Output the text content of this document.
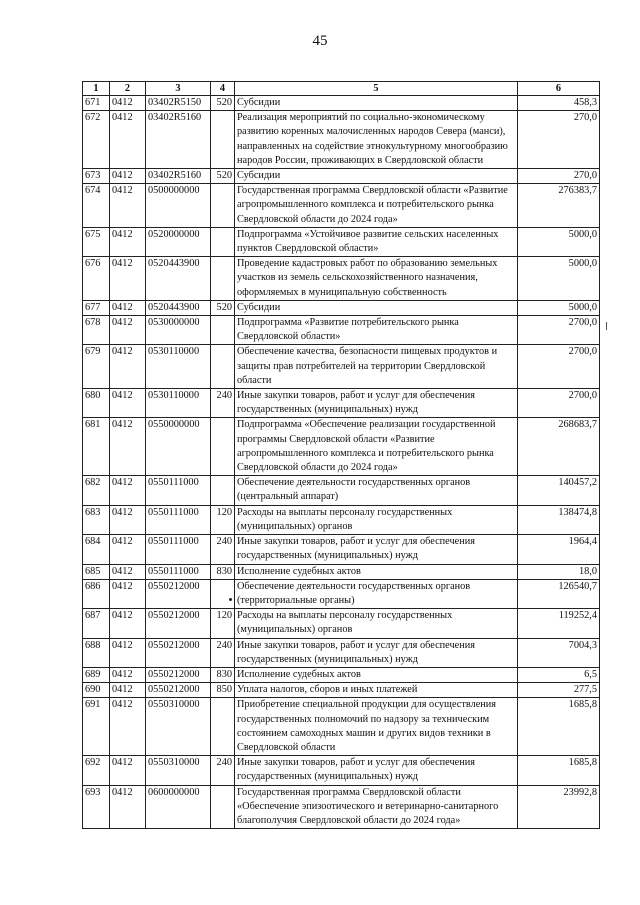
45
1	2	3	4	5	6
671	0412	03402R5150	520	Субсидии	458,3
672	0412	03402R5160		Реализация мероприятий по социально-экономическому развитию коренных малочисленных народов Севера (манси), направленных на содействие этнокультурному многообразию народов России, проживающих в Свердловской области	270,0
673	0412	03402R5160	520	Субсидии	270,0
674	0412	0500000000		Государственная программа Свердловской области «Развитие агропромышленного комплекса и потребительского рынка Свердловской области до 2024 года»	276383,7
675	0412	0520000000		Подпрограмма «Устойчивое развитие сельских населенных пунктов Свердловской области»	5000,0
676	0412	0520443900		Проведение кадастровых работ по образованию земельных участков из земель сельскохозяйственного назначения, оформляемых в муниципальную собственность	5000,0
677	0412	0520443900	520	Субсидии	5000,0
678	0412	0530000000		Подпрограмма «Развитие потребительского рынка Свердловской области»	2700,0
679	0412	0530110000		Обеспечение качества, безопасности пищевых продуктов и защиты прав потребителей на территории Свердловской области	2700,0
680	0412	0530110000	240	Иные закупки товаров, работ и услуг для обеспечения государственных (муниципальных) нужд	2700,0
681	0412	0550000000		Подпрограмма «Обеспечение реализации государственной программы Свердловской области «Развитие агропромышленного комплекса и потребительского рынка Свердловской области до 2024 года»	268683,7
682	0412	0550111000		Обеспечение деятельности государственных органов (центральный аппарат)	140457,2
683	0412	0550111000	120	Расходы на выплаты персоналу государственных (муниципальных) органов	138474,8
684	0412	0550111000	240	Иные закупки товаров, работ и услуг для обеспечения государственных (муниципальных) нужд	1964,4
685	0412	0550111000	830	Исполнение судебных актов	18,0
686	0412	0550212000		Обеспечение деятельности государственных органов (территориальные органы)	126540,7
687	0412	0550212000	120	Расходы на выплаты персоналу государственных (муниципальных) органов	119252,4
688	0412	0550212000	240	Иные закупки товаров, работ и услуг для обеспечения государственных (муниципальных) нужд	7004,3
689	0412	0550212000	830	Исполнение судебных актов	6,5
690	0412	0550212000	850	Уплата налогов, сборов и иных платежей	277,5
691	0412	0550310000		Приобретение специальной продукции для осуществления государственных полномочий по надзору за техническим состоянием самоходных машин и других видов техники в Свердловской области	1685,8
692	0412	0550310000	240	Иные закупки товаров, работ и услуг для обеспечения государственных (муниципальных) нужд	1685,8
693	0412	0600000000		Государственная программа Свердловской области «Обеспечение эпизоотического и ветеринарно-санитарного благополучия Свердловской области до 2024 года»	23992,8
